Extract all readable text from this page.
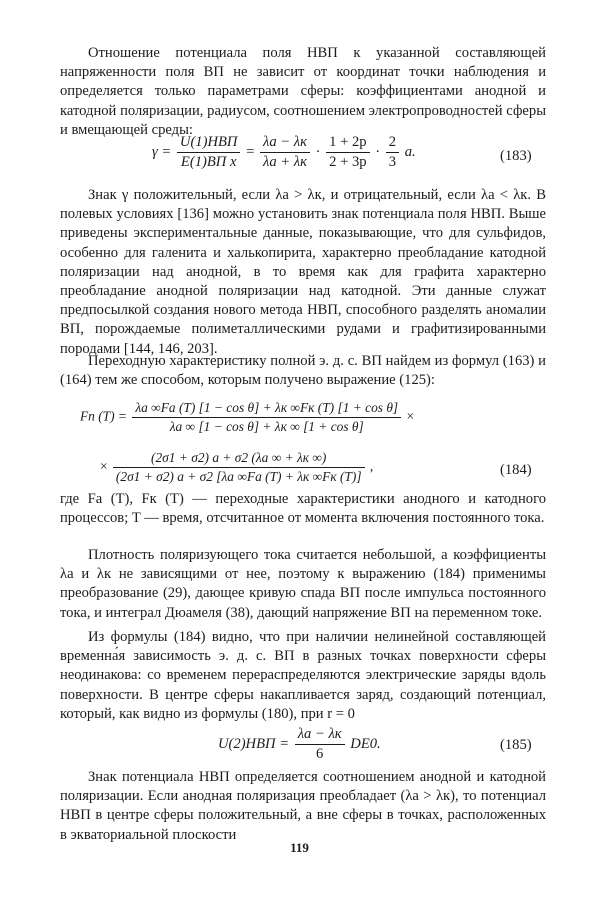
Отношение потенциала поля НВП к указанной составляющей напряженности поля ВП не зависит от координат точки наблюдения и определяется только параметрами сферы: коэффициентами анодной и катодной поляризации, радиусом, соотношением электропроводностей сферы и вмещающей среды:

$\gamma = \frac{\text{U(1)НВП}}{\text{E(1)ВП x}} = \frac{\lambda a - \lambda к}{\lambda a + \lambda к} \cdot \frac{1 + 2p}{2 + 3p} \cdot \frac{2}{3} a$.	(183)

Знак γ положительный, если λa > λк, и отрицательный, если λa < λк. В полевых условиях [136] можно установить знак потенциала поля НВП. Выше приведены экспериментальные данные, показывающие, что для сульфидов, особенно для галенита и халькопирита, характерно преобладание катодной поляризации над анодной, в то время как для графита характерно преобладание анодной поляризации над катодной. Эти данные служат предпосылкой создания нового метода НВП, способного разделять аномалии ВП, порождаемые полиметаллическими рудами и графитизированными породами [144, 146, 203].

Переходную характеристику полной э. д. с. ВП найдем из формул (163) и (164) тем же способом, которым получено выражение (125):

Fп $(T) = \frac{\text{λa ∞Fa (T) [1 − cos θ] + λк ∞Fк (T) [1 + cos θ]}}{\text{λa ∞ [1 − cos θ] + λк ∞ [1 + cos θ]}}$ ×
× $\frac{(2\sigma 1 + \sigma 2) a + \sigma 2 (\lambda a \infty + \lambda к \infty)}{(2\sigma 1 + \sigma 2) a + \sigma 2 [\lambda a \infty Fa (T) + \lambda к \infty Fк (T)]}$ ,	(184)

где Fa (T), Fк (T) — переходные характеристики анодного и катодного процессов; T — время, отсчитанное от момента включения постоянного тока.

Плотность поляризующего тока считается небольшой, а коэффициенты λa и λк не зависящими от нее, поэтому к выражению (184) применимы преобразование (29), дающее кривую спада ВП после импульса постоянного тока, и интеграл Дюамеля (38), дающий напряжение ВП на переменном токе.

Из формулы (184) видно, что при наличии нелинейной составляющей временна́я зависимость э. д. с. ВП в разных точках поверхности сферы неодинакова: со временем перераспределяются электрические заряды вдоль поверхности. В центре сферы накапливается заряд, создающий потенциал, который, как видно из формулы (180), при r = 0

$U(2)НВП = \frac{\lambda a - \lambda к}{6} DE0$.	(185)

Знак потенциала НВП определяется соотношением анодной и катодной поляризации. Если анодная поляризация преобладает (λa > λк), то потенциал НВП в центре сферы положительный, а вне сферы в точках, расположенных в экваториальной плоскости

119
